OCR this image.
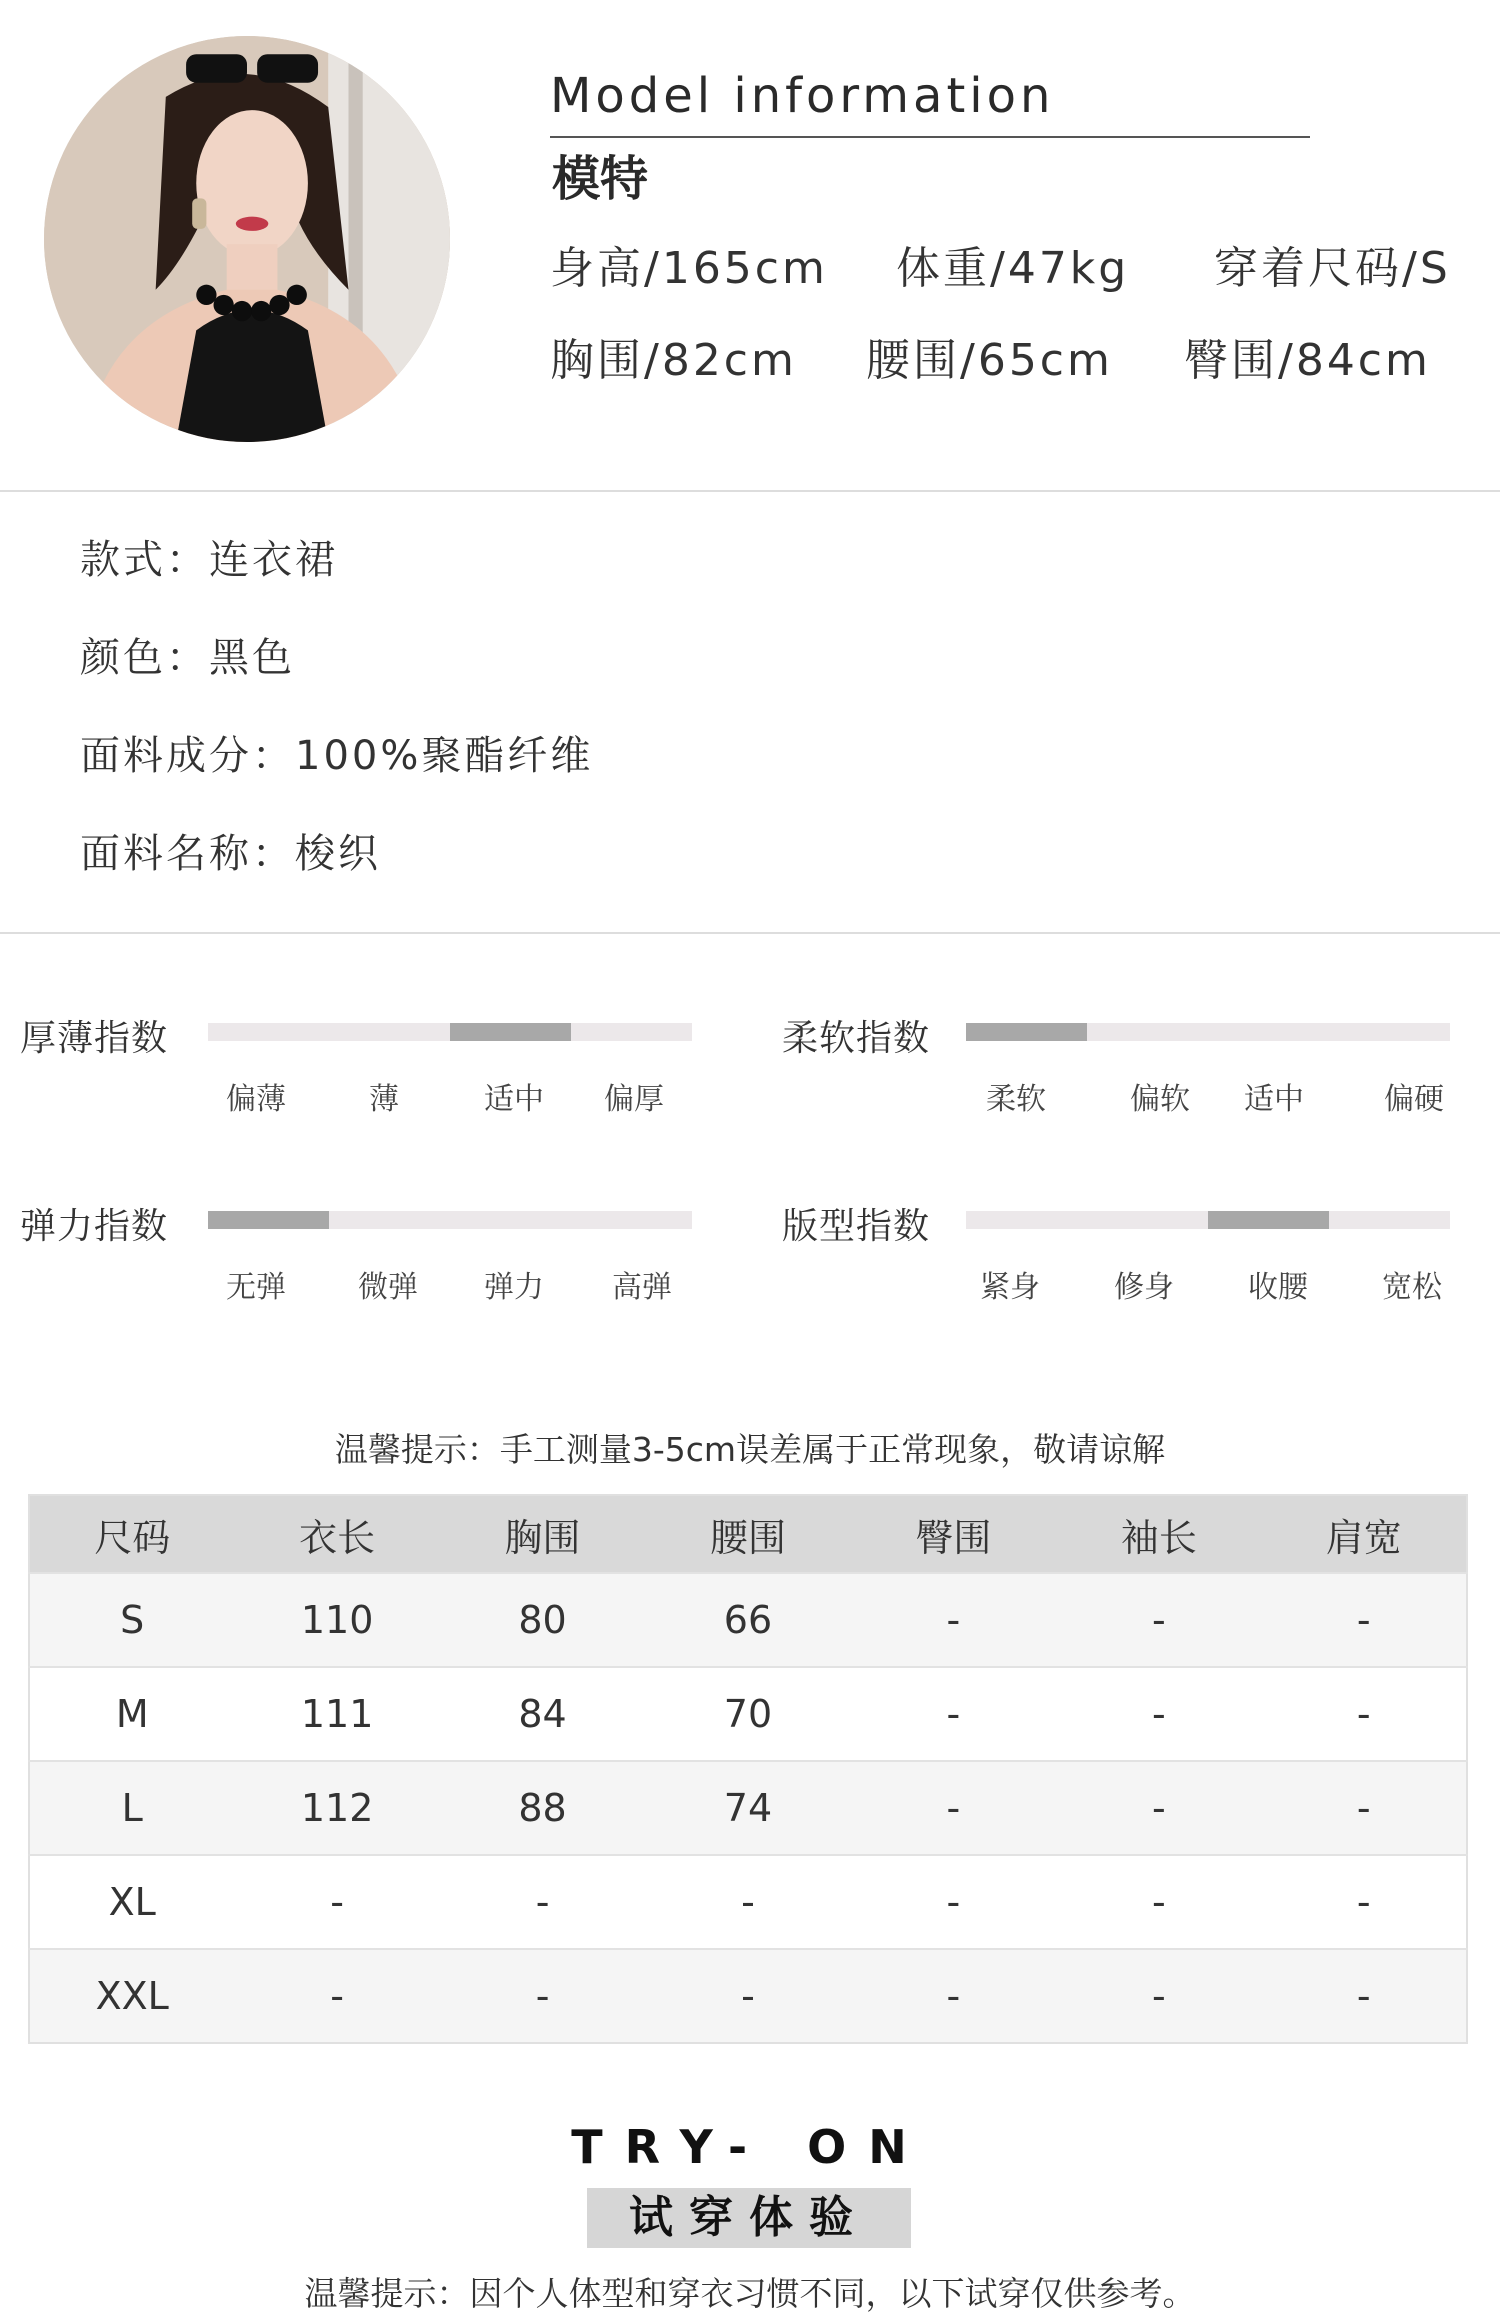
Model information
模特
身高/165cm 体重/47kg 穿着尺码/S
胸围/82cm 腰围/65cm 臀围/84cm
款式：连衣裙
颜色：黑色
面料成分：100%聚酯纤维
面料名称：梭织
厚薄指数
偏薄	薄	适中 偏厚
柔软指数
柔软	偏软 适中	偏硬
弹力指数
无弹 微弹 弹力 高弹
版型指数
紧身 修身 收腰 宽松
温馨提示：手工测量3-5cm误差属于正常现象，敬请谅解
尺码	衣长	胸围	腰围	臀围	袖长	肩宽
S	110	80	66	-	-	-
M	111	84	70	-	-	-
L	112	88	74	-	-	-
XL	-	-	-	-	-	-
XXL	-	-	-	-	-	-
TRY- ON
试穿体验
温馨提示：因个人体型和穿衣习惯不同，以下试穿仅供参考。
